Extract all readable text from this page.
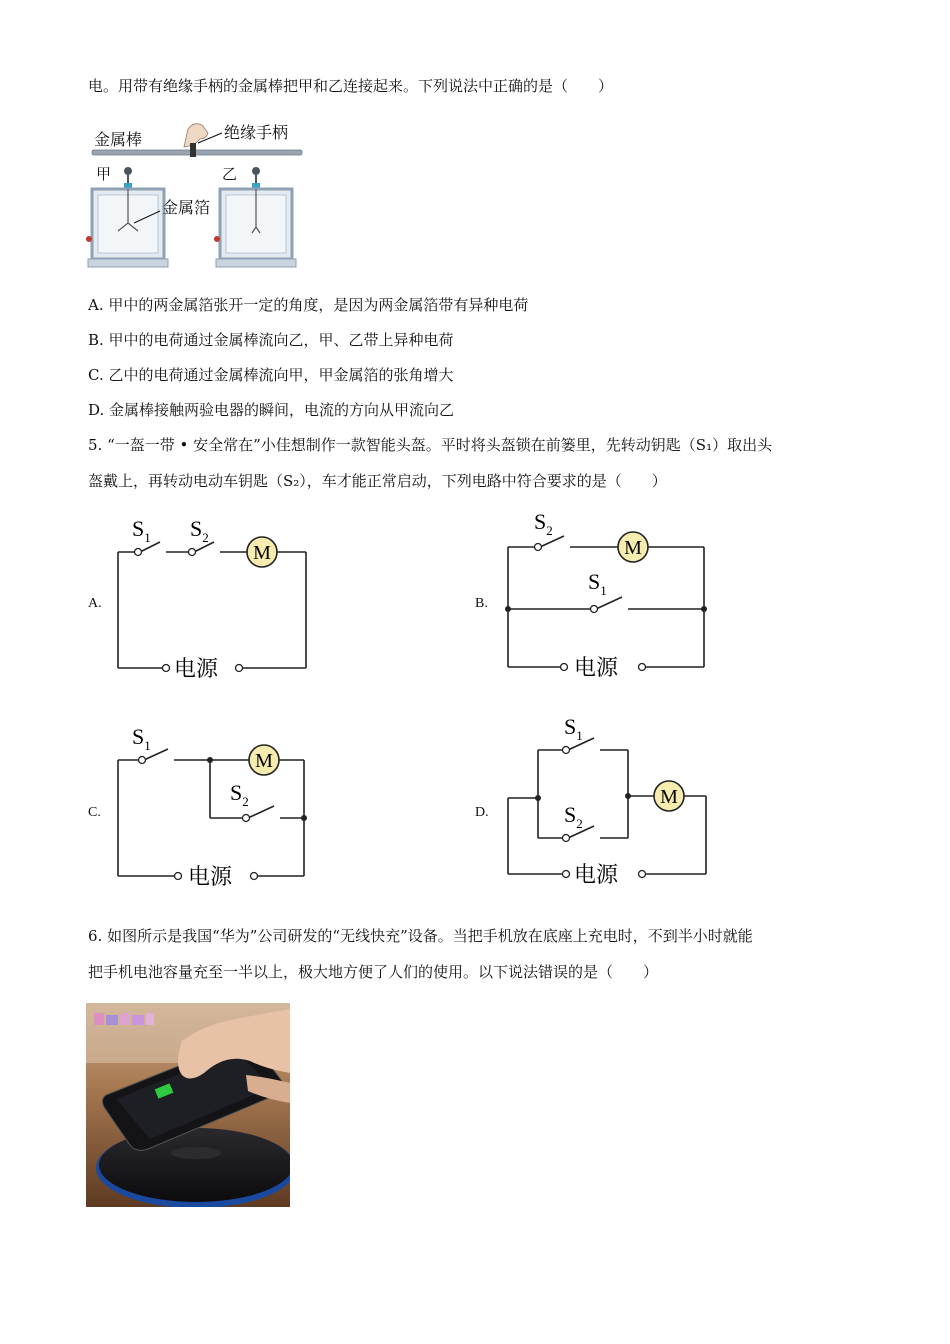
电。用带有绝缘手柄的金属棒把甲和乙连接起来。下列说法中正确的是（　　）
金属棒	绝缘手柄
甲	乙
金属箔
A. 甲中的两金属箔张开一定的角度，是因为两金属箔带有异种电荷
B. 甲中的电荷通过金属棒流向乙，甲、乙带上异种电荷
C. 乙中的电荷通过金属棒流向甲，甲金属箔的张角增大
D. 金属棒接触两验电器的瞬间，电流的方向从甲流向乙
5. “一盔一带 • 安全常在”小佳想制作一款智能头盔。平时将头盔锁在前篓里，先转动钥匙（S₁）取出头
盔戴上，再转动电动车钥匙（S₂），车才能正常启动，下列电路中符合要求的是（　　）
A.
M
$S_1$ $S_2$
电源
B.
M
$S_2$
$S_1$
电源
C.
M
$S_1$
$S_2$
电源
D.
M
$S_1$
$S_2$
电源
6. 如图所示是我国“华为”公司研发的“无线快充”设备。当把手机放在底座上充电时，不到半小时就能
把手机电池容量充至一半以上，极大地方便了人们的使用。以下说法错误的是（　　）
